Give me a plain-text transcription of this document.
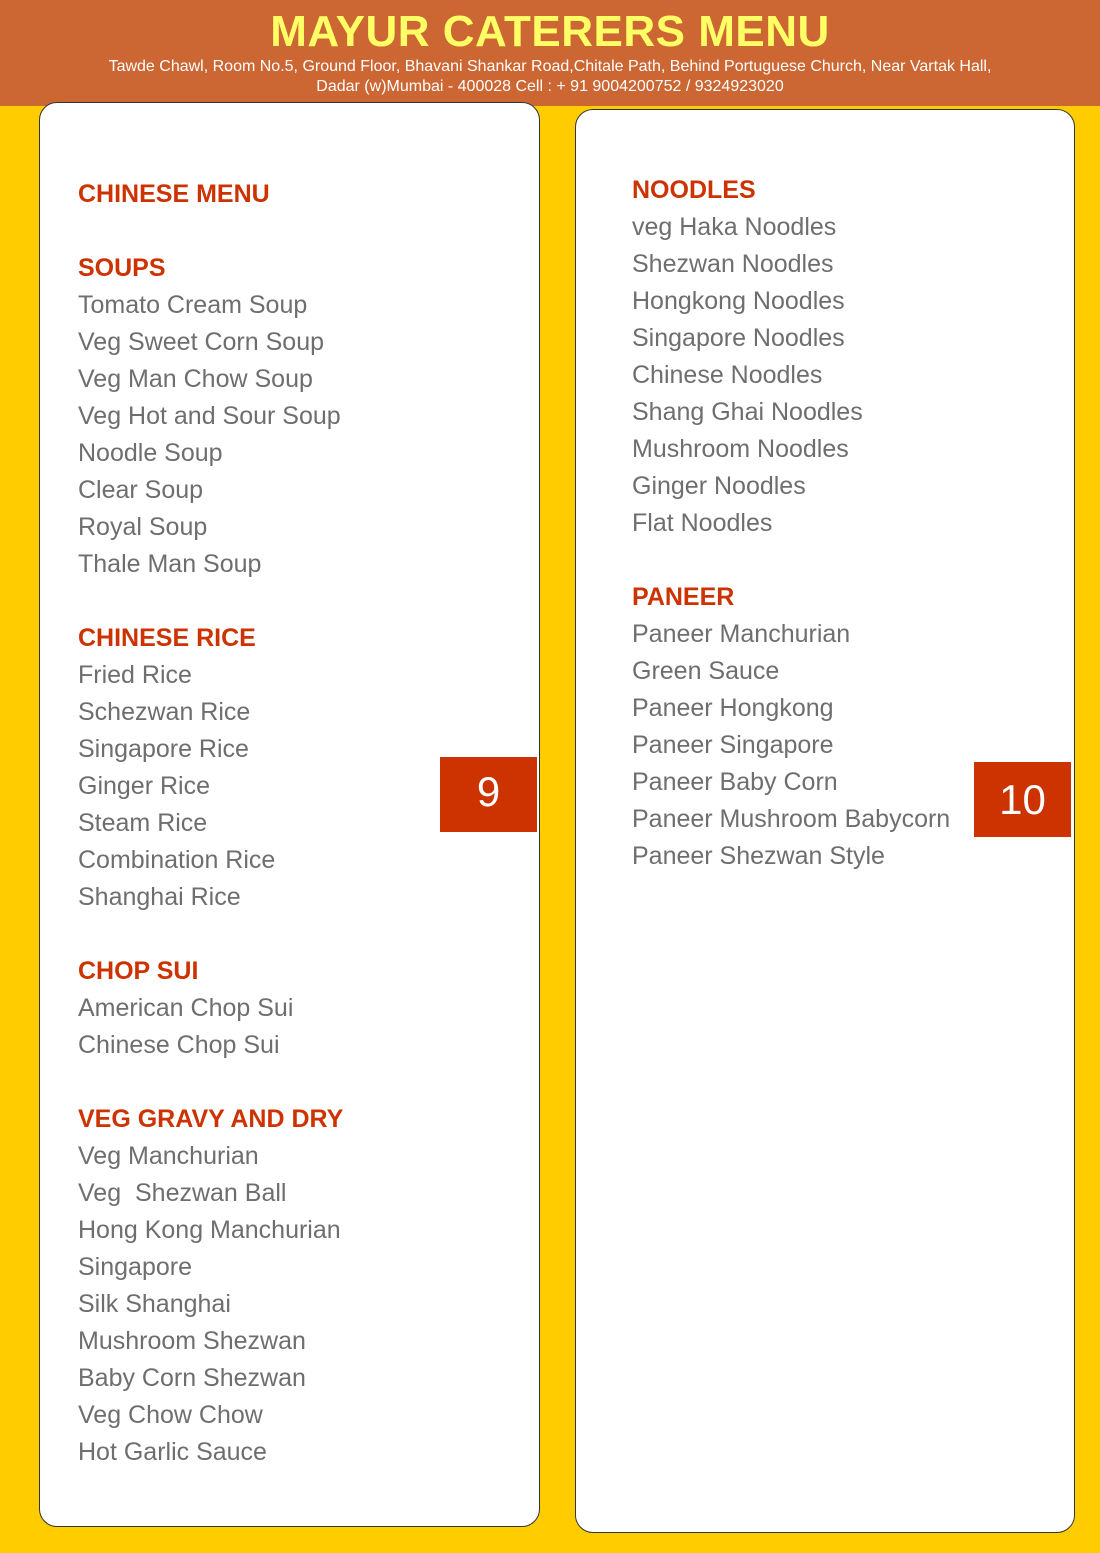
MAYUR CATERERS MENU
Tawde Chawl, Room No.5, Ground Floor, Bhavani Shankar Road,Chitale Path, Behind Portuguese Church, Near Vartak Hall,
Dadar (w)Mumbai - 400028 Cell : + 91 9004200752 / 9324923020
CHINESE MENU
SOUPS
Tomato Cream Soup
Veg Sweet Corn Soup
Veg Man Chow Soup
Veg Hot and Sour Soup
Noodle Soup
Clear Soup
Royal Soup
Thale Man Soup
CHINESE RICE
Fried Rice
Schezwan Rice
Singapore Rice
Ginger Rice
Steam Rice
Combination Rice
Shanghai Rice
CHOP SUI
American Chop Sui
Chinese Chop Sui
VEG GRAVY AND DRY
Veg Manchurian
Veg  Shezwan Ball
Hong Kong Manchurian
Singapore
Silk Shanghai
Mushroom Shezwan
Baby Corn Shezwan
Veg Chow Chow
Hot Garlic Sauce
NOODLES
veg Haka Noodles
Shezwan Noodles
Hongkong Noodles
Singapore Noodles
Chinese Noodles
Shang Ghai Noodles
Mushroom Noodles
Ginger Noodles
Flat Noodles
PANEER
Paneer Manchurian
Green Sauce
Paneer Hongkong
Paneer Singapore
Paneer Baby Corn
Paneer Mushroom Babycorn
Paneer Shezwan Style
9	10
